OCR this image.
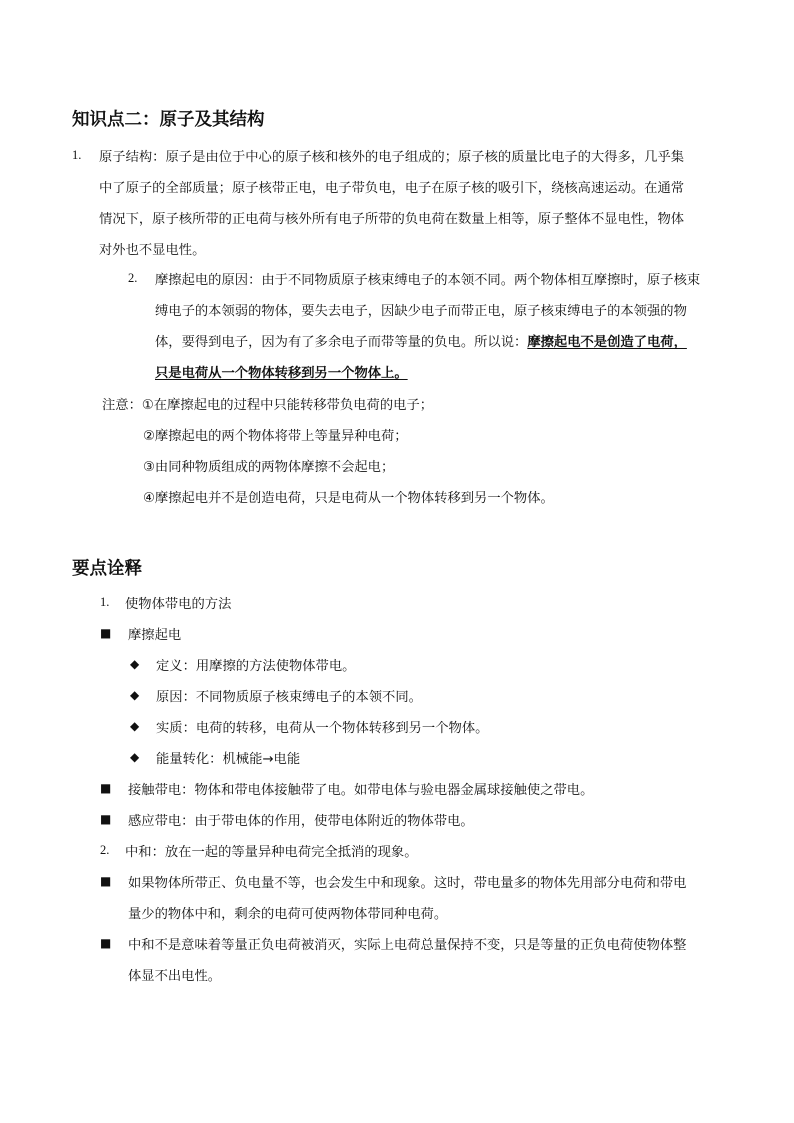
知识点二：原子及其结构
1. 原子结构：原子是由位于中心的原子核和核外的电子组成的；原子核的质量比电子的大得多，几乎集
中了原子的全部质量；原子核带正电，电子带负电，电子在原子核的吸引下，绕核高速运动。在通常
情况下，原子核所带的正电荷与核外所有电子所带的负电荷在数量上相等，原子整体不显电性，物体
对外也不显电性。
2. 摩擦起电的原因：由于不同物质原子核束缚电子的本领不同。两个物体相互摩擦时，原子核束
缚电子的本领弱的物体，要失去电子，因缺少电子而带正电，原子核束缚电子的本领强的物
体，要得到电子，因为有了多余电子而带等量的负电。所以说：摩擦起电不是创造了电荷，
只是电荷从一个物体转移到另一个物体上。
注意：①在摩擦起电的过程中只能转移带负电荷的电子；
②摩擦起电的两个物体将带上等量异种电荷；
③由同种物质组成的两物体摩擦不会起电；
④摩擦起电并不是创造电荷，只是电荷从一个物体转移到另一个物体。
要点诠释
1. 使物体带电的方法
■ 摩擦起电
◆ 定义：用摩擦的方法使物体带电。
◆ 原因：不同物质原子核束缚电子的本领不同。
◆ 实质：电荷的转移，电荷从一个物体转移到另一个物体。
◆ 能量转化：机械能→电能
■ 接触带电：物体和带电体接触带了电。如带电体与验电器金属球接触使之带电。
■ 感应带电：由于带电体的作用，使带电体附近的物体带电。
2. 中和：放在一起的等量异种电荷完全抵消的现象。
■ 如果物体所带正、负电量不等，也会发生中和现象。这时，带电量多的物体先用部分电荷和带电
量少的物体中和，剩余的电荷可使两物体带同种电荷。
■ 中和不是意味着等量正负电荷被消灭，实际上电荷总量保持不变，只是等量的正负电荷使物体整
体显不出电性。
